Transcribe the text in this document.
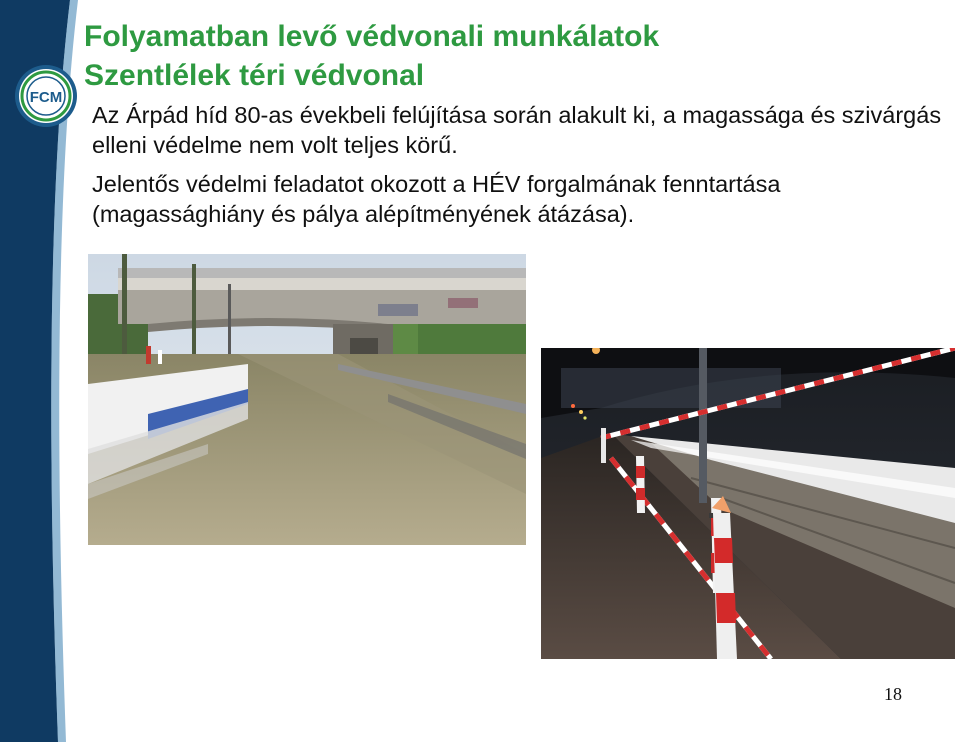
FCM
Folyamatban levő védvonali munkálatok
Szentlélek téri védvonal
Az Árpád híd 80-as évekbeli felújítása során alakult ki, a magassága és szivárgás elleni védelme nem volt teljes körű.
Jelentős védelmi feladatot okozott a HÉV forgalmának fenntartása (magassághiány és pálya alépítményének átázása).
18
